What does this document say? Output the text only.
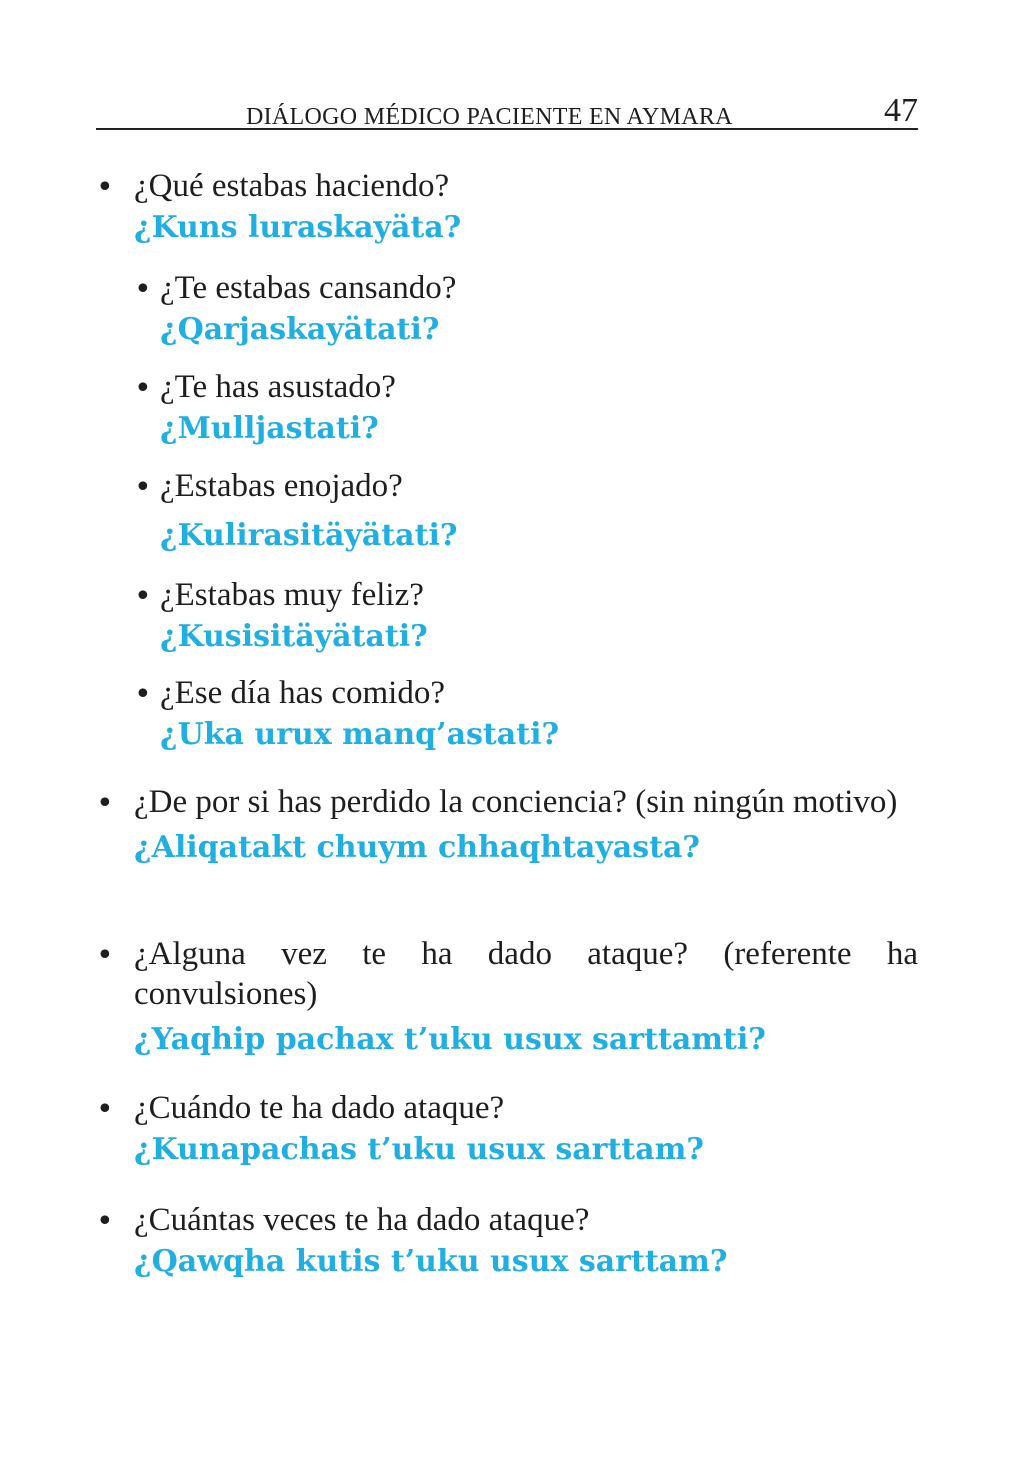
DIÁLOGO MÉDICO PACIENTE EN AYMARA	47
• ¿Qué estabas haciendo?
¿Kuns luraskayäta?
• ¿Te estabas cansando?
¿Qarjaskayätati?
• ¿Te has asustado?
¿Mulljastati?
• ¿Estabas enojado?
¿Kulirasitäyätati?
• ¿Estabas muy feliz?
¿Kusisitäyätati?
• ¿Ese día has comido?
¿Uka urux manq’astati?
• ¿De por si has perdido la conciencia? (sin ningún motivo)
¿Aliqatakt chuym chhaqhtayasta?
• ¿Alguna vez te ha dado ataque? (referente ha convulsiones)
¿Yaqhip pachax t’uku usux sarttamti?
• ¿Cuándo te ha dado ataque?
¿Kunapachas t’uku usux sarttam?
• ¿Cuántas veces te ha dado ataque?
¿Qawqha kutis t’uku usux sarttam?
